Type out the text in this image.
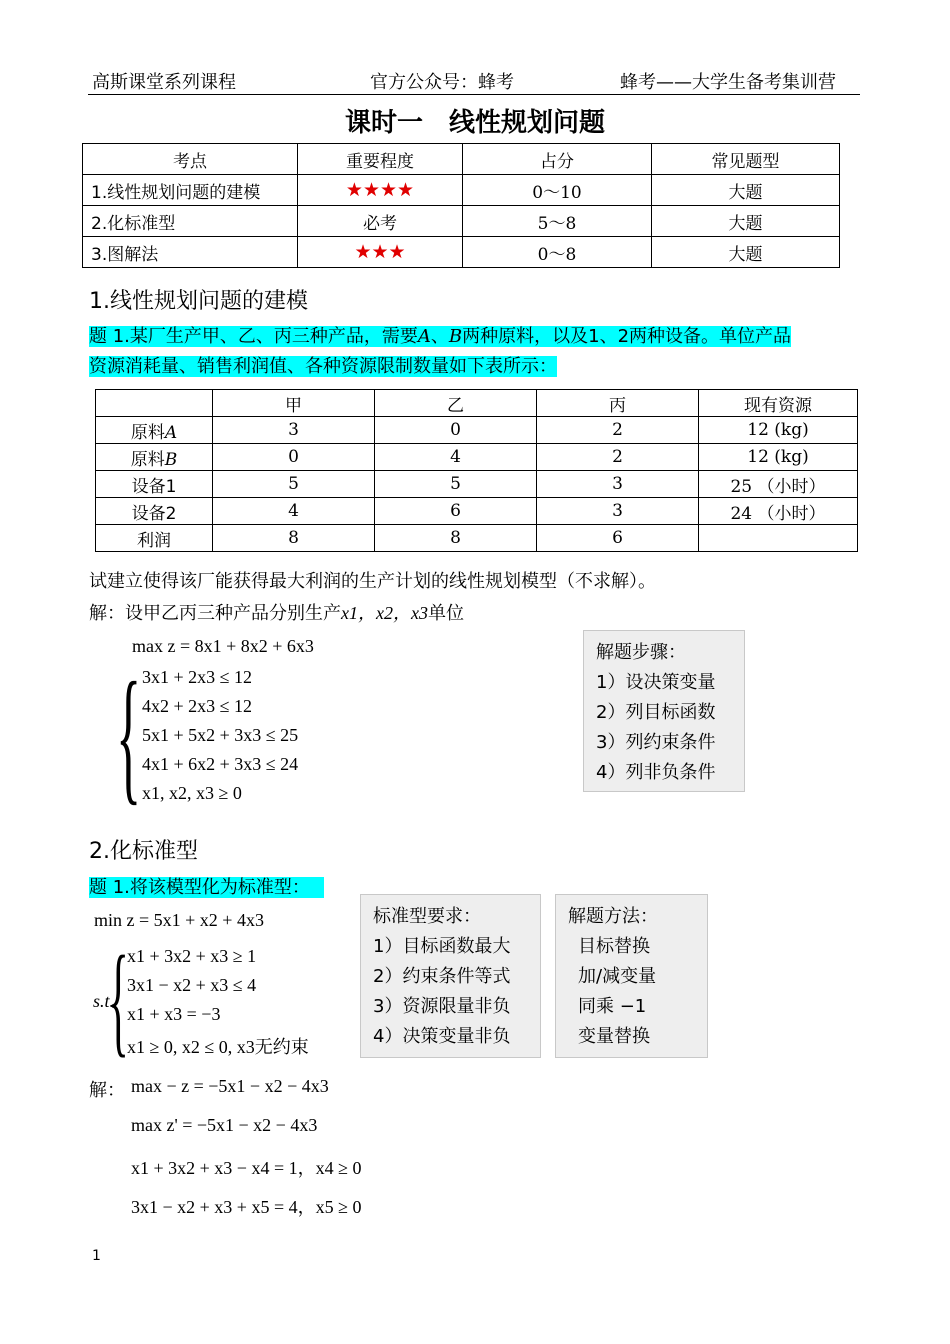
高斯课堂系列课程	官方公众号：蜂考	蜂考——大学生备考集训营
课时一　线性规划问题
考点	重要程度	占分	常见题型
1.线性规划问题的建模	★★★★	0～10	大题
2.化标准型	必考	5～8	大题
3.图解法	★★★	0～8	大题
1.线性规划问题的建模
题 1.某厂生产甲、乙、丙三种产品，需要A、B两种原料，以及1、2两种设备。单位产品
资源消耗量、销售利润值、各种资源限制数量如下表所示：
	甲	乙	丙	现有资源
原料A	3	0	2	12 (kg)
原料B	0	4	2	12 (kg)
设备1	5	5	3	25 （小时）
设备2	4	6	3	24 （小时）
利润	8	8	6	
试建立使得该厂能获得最大利润的生产计划的线性规划模型（不求解）。
解：设甲乙丙三种产品分别生产x1，x2，x3单位
max z = 8x1 + 8x2 + 6x3
{ 3x1 + 2x3 ≤ 12
4x2 + 2x3 ≤ 12
5x1 + 5x2 + 3x3 ≤ 25
4x1 + 6x2 + 3x3 ≤ 24
x1, x2, x3 ≥ 0
解题步骤：
1）设决策变量
2）列目标函数
3）列约束条件
4）列非负条件
2.化标准型
题 1.将该模型化为标准型：
min z = 5x1 + x2 + 4x3
s.t.
{
x1 + 3x2 + x3 ≥ 1
3x1 − x2 + x3 ≤ 4
x1 + x3 = −3
x1 ≥ 0, x2 ≤ 0, x3无约束
标准型要求：
1）目标函数最大
2）约束条件等式
3）资源限量非负
4）决策变量非负
解题方法：
目标替换
加/减变量
同乘 −1
变量替换
解： max − z = −5x1 − x2 − 4x3
max z' = −5x1 − x2 − 4x3
x1 + 3x2 + x3 − x4 = 1，x4 ≥ 0
3x1 − x2 + x3 + x5 = 4，x5 ≥ 0
1
